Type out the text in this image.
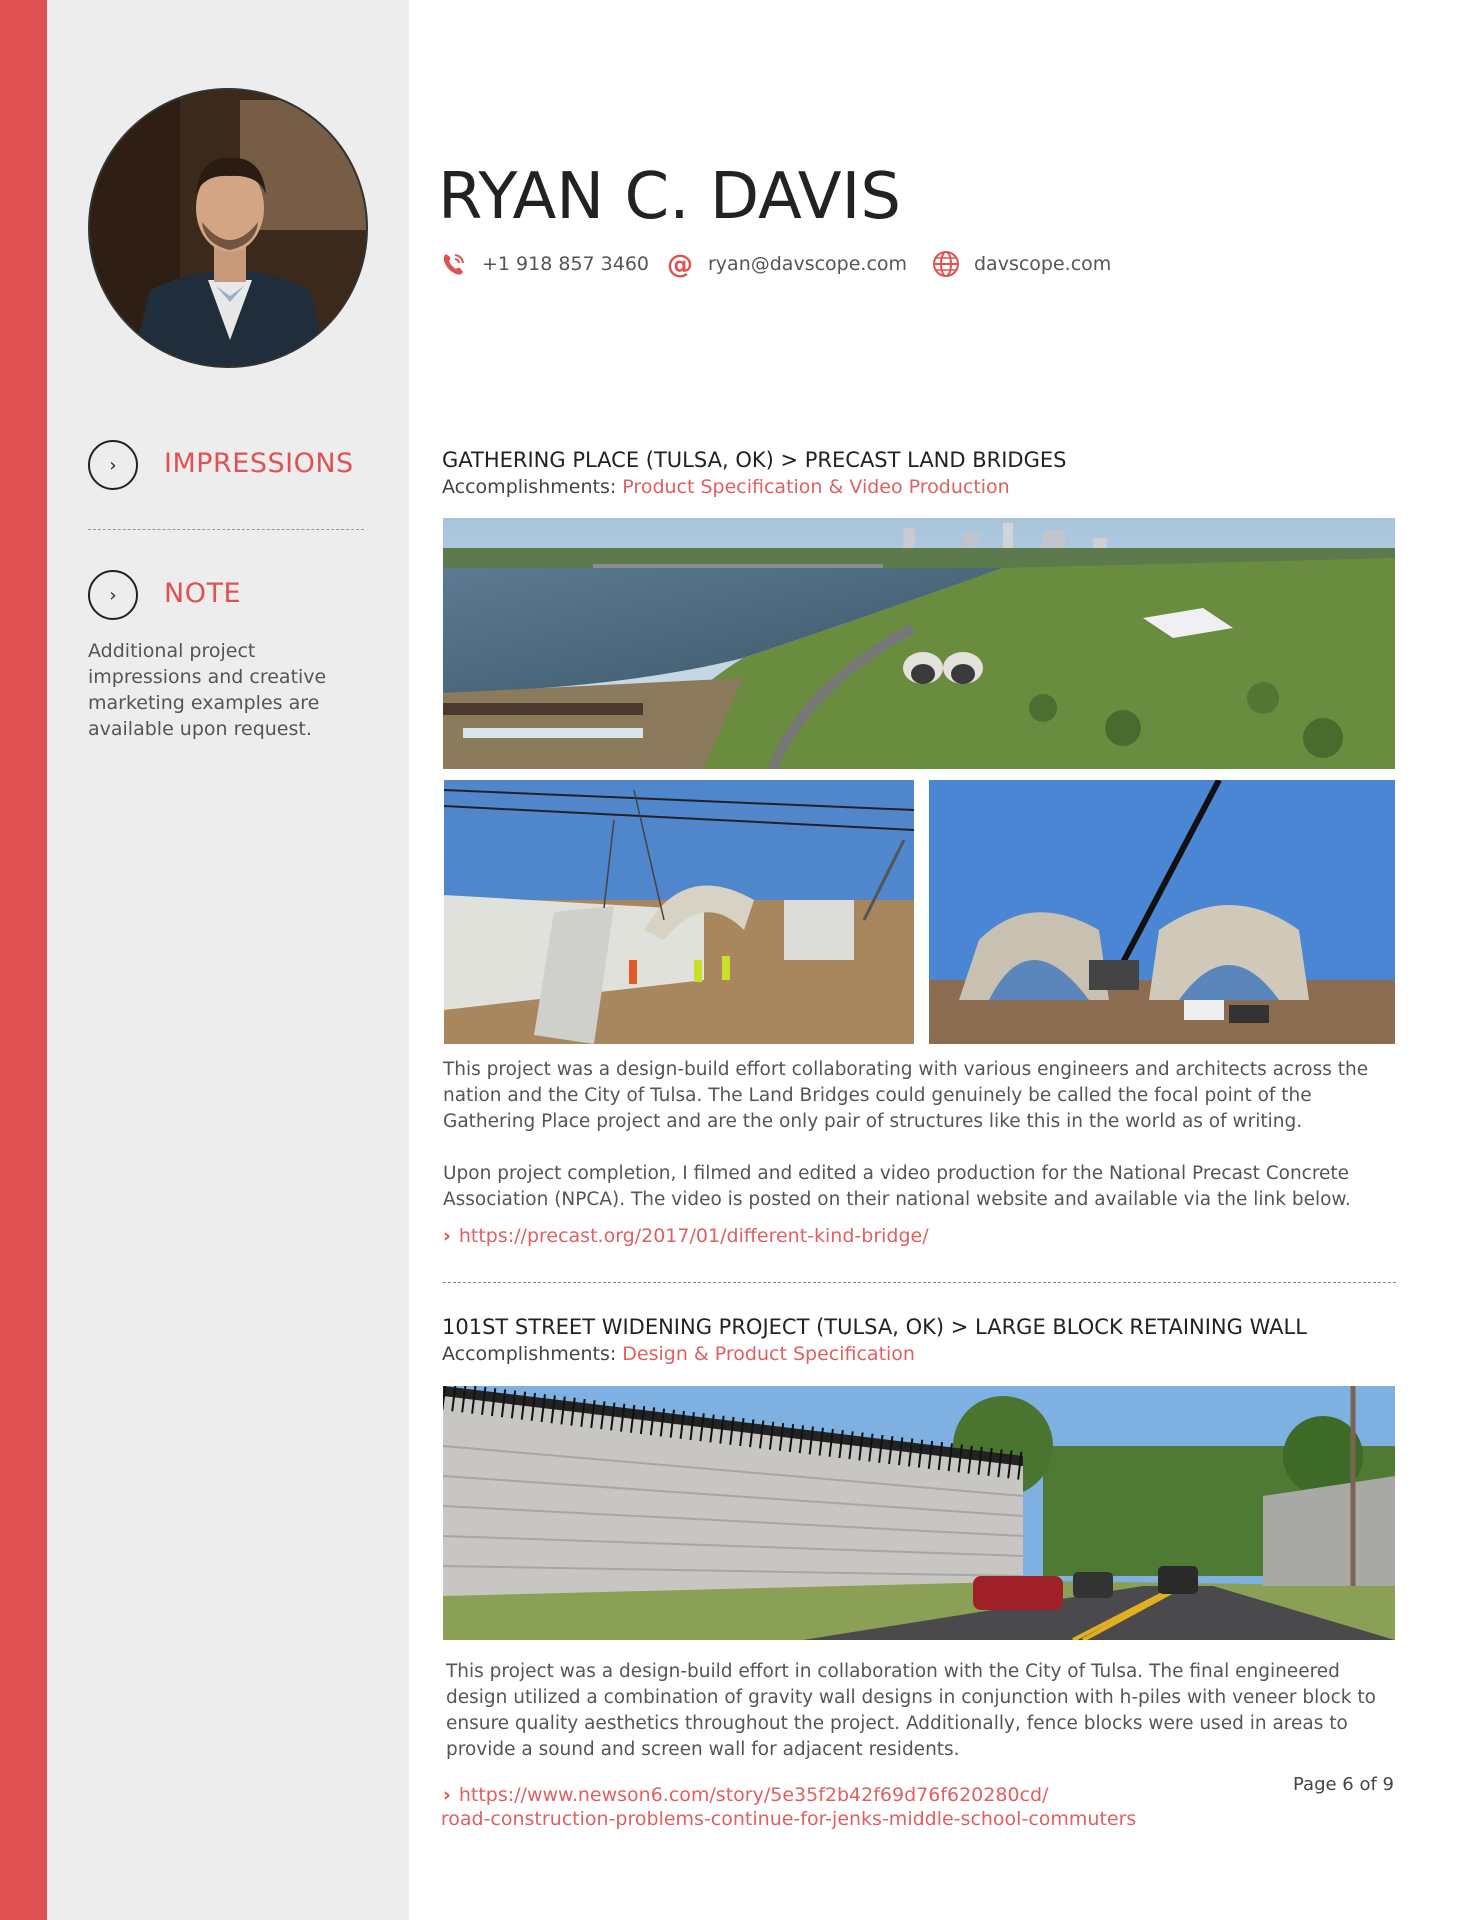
›	IMPRESSIONS
›	NOTE
Additional project impressions and creative marketing examples are available upon request.
RYAN C. DAVIS
+1 918 857 3460 @ ryan@davscope.com	davscope.com
GATHERING PLACE (TULSA, OK) > PRECAST LAND BRIDGES
Accomplishments: Product Specification & Video Production
This project was a design-build effort collaborating with various engineers and architects across the nation and the City of Tulsa. The Land Bridges could genuinely be called the focal point of the Gathering Place project and are the only pair of structures like this in the world as of writing.
Upon project completion, I filmed and edited a video production for the National Precast Concrete Association (NPCA). The video is posted on their national website and available via the link below.
› https://precast.org/2017/01/different-kind-bridge/
101ST STREET WIDENING PROJECT (TULSA, OK) > LARGE BLOCK RETAINING WALL
Accomplishments: Design & Product Specification
This project was a design-build effort in collaboration with the City of Tulsa. The final engineered design utilized a combination of gravity wall designs in conjunction with h-piles with veneer block to ensure quality aesthetics throughout the project. Additionally, fence blocks were used in areas to provide a sound and screen wall for adjacent residents.
› https://www.newson6.com/story/5e35f2b42f69d76f620280cd/
road-construction-problems-continue-for-jenks-middle-school-commuters
Page 6 of 9
